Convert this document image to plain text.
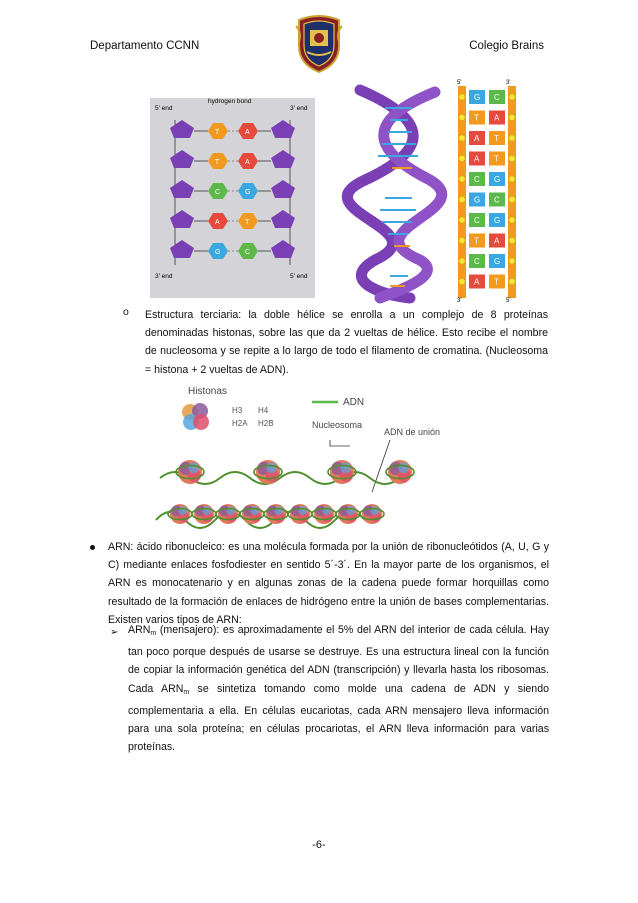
Departamento CCNN	Colegio Brains
5' end
hydrogen bond
3' end
3' end	5' end
T	A
T	A
C	G
A	T
G	C
5'	3'
3'	5'
G C
T A
A T
A T
C G
G C
C G
T A
C G
A T
o Estructura terciaria: la doble hélice se enrolla a un complejo de 8 proteínas denominadas histonas, sobre las que da 2 vueltas de hélice. Esto recibe el nombre de nucleosoma y se repite a lo largo de todo el filamento de cromatina. (Nucleosoma = histona + 2 vueltas de ADN).
Histonas
H3 H4
H2A H2B
ADN
Nucleosoma
ADN de unión
ARN: ácido ribonucleico: es una molécula formada por la unión de ribonucleótidos (A, U, G y C) mediante enlaces fosfodiester en sentido 5´-3´. En la mayor parte de los organismos, el ARN es monocatenario y en algunas zonas de la cadena puede formar horquillas como resultado de la formación de enlaces de hidrógeno entre la unión de bases complementarias. Existen varios tipos de ARN:
➢ $ARN_m$ (mensajero): es aproximadamente el 5% del ARN del interior de cada célula. Hay tan poco porque después de usarse se destruye. Es una estructura lineal con la función de copiar la información genética del ADN (transcripción) y llevarla hasta los ribosomas. Cada $ARN_m$ se sintetiza tomando como molde una cadena de ADN y siendo complementaria a ella. En células eucariotas, cada ARN mensajero lleva información para una sola proteína; en células procariotas, el ARN lleva información para varias proteínas.
-6-
